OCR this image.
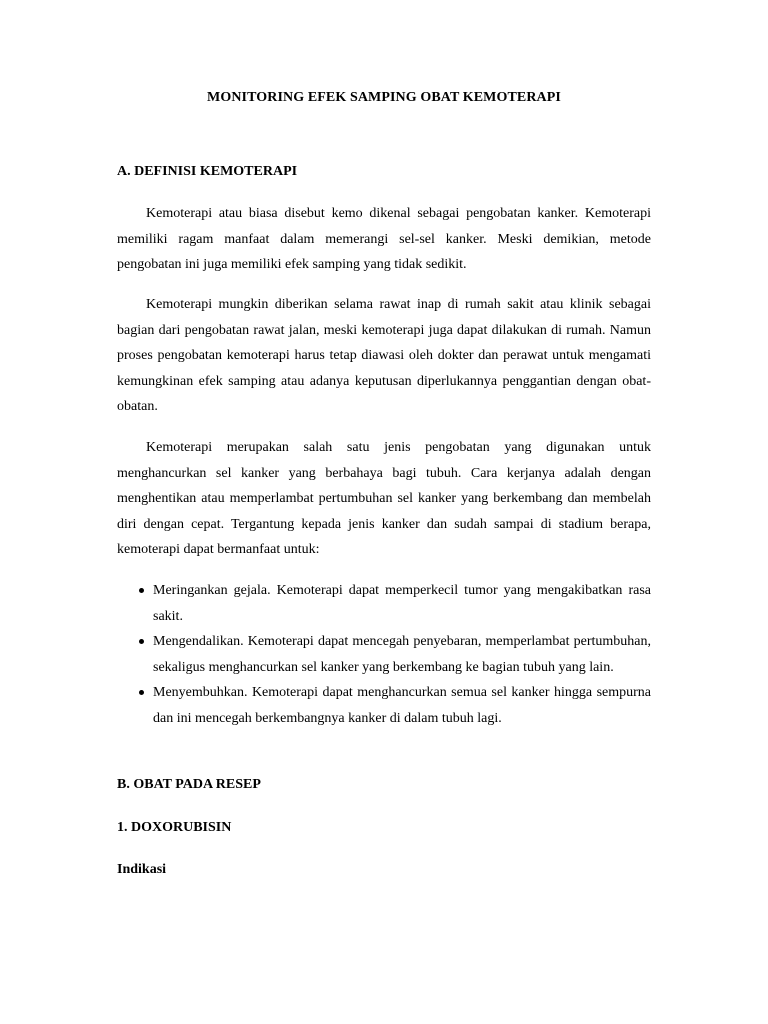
MONITORING EFEK SAMPING OBAT KEMOTERAPI
A. DEFINISI KEMOTERAPI

Kemoterapi atau biasa disebut kemo dikenal sebagai pengobatan kanker. Kemoterapi memiliki ragam manfaat dalam memerangi sel-sel kanker. Meski demikian, metode pengobatan ini juga memiliki efek samping yang tidak sedikit.

Kemoterapi mungkin diberikan selama rawat inap di rumah sakit atau klinik sebagai bagian dari pengobatan rawat jalan, meski kemoterapi juga dapat dilakukan di rumah. Namun proses pengobatan kemoterapi harus tetap diawasi oleh dokter dan perawat untuk mengamati kemungkinan efek samping atau adanya keputusan diperlukannya penggantian dengan obat-obatan.

Kemoterapi merupakan salah satu jenis pengobatan yang digunakan untuk menghancurkan sel kanker yang berbahaya bagi tubuh. Cara kerjanya adalah dengan menghentikan atau memperlambat pertumbuhan sel kanker yang berkembang dan membelah diri dengan cepat. Tergantung kepada jenis kanker dan sudah sampai di stadium berapa, kemoterapi dapat bermanfaat untuk:

Meringankan gejala. Kemoterapi dapat memperkecil tumor yang mengakibatkan rasa sakit.
Mengendalikan. Kemoterapi dapat mencegah penyebaran, memperlambat pertumbuhan, sekaligus menghancurkan sel kanker yang berkembang ke bagian tubuh yang lain.
Menyembuhkan. Kemoterapi dapat menghancurkan semua sel kanker hingga sempurna dan ini mencegah berkembangnya kanker di dalam tubuh lagi.
B. OBAT PADA RESEP
1. DOXORUBISIN
Indikasi
